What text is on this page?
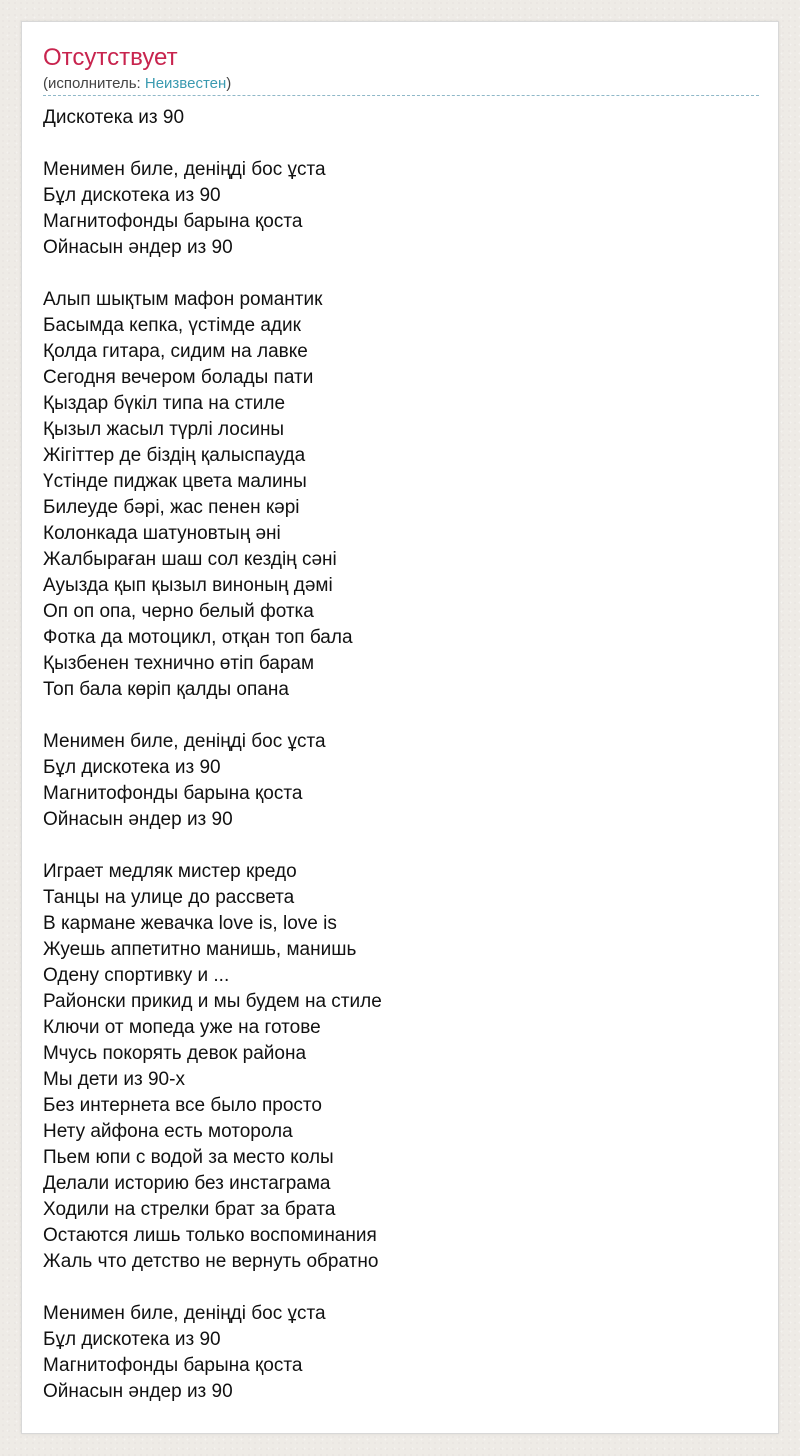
Отсутствует
(исполнитель: Неизвестен)
Дискотека из 90
Менимен биле, денiңдi бос ұста
Бұл дискотека из 90
Магнитофонды барына қоста
Ойнасын әндер из 90
Алып шықтым мафон романтик
Басымда кепка, үстiмде адик
Қолда гитара, сидим на лавке
Сегодня вечером болады пати
Қыздар бүкiл типа на стиле
Қызыл жасыл түрлi лосины
Жiгiттер де бiздiң қалыспауда
Үстiнде пиджак цвета малины
Билеуде бәрi, жас пенен кәрi
Колонкада шатуновтың әнi
Жалбыраған шаш сол кездiң сәнi
Ауызда қып қызыл виноның дәмi
Оп оп опа, черно белый фотка
Фотка да мотоцикл, отқан топ бала
Қызбенен технично өтiп барам
Топ бала көрiп қалды опана
Менимен биле, денiңдi бос ұста
Бұл дискотека из 90
Магнитофонды барына қоста
Ойнасын әндер из 90
Играет медляк мистер кредо
Танцы на улице до рассвета
В кармане жевачка love is, love is
Жуешь аппетитно манишь, манишь
Одену спортивку и ...
Районски прикид и мы будем на стиле
Ключи от мопеда уже на готове
Мчусь покорять девок района
Мы дети из 90-х
Без интернета все было просто
Нету айфона есть моторола
Пьем юпи с водой за место колы
Делали историю без инстаграма
Ходили на стрелки брат за брата
Остаются лишь только воспоминания
Жаль что детство не вернуть обратно
Менимен биле, денiңдi бос ұста
Бұл дискотека из 90
Магнитофонды барына қоста
Ойнасын әндер из 90
